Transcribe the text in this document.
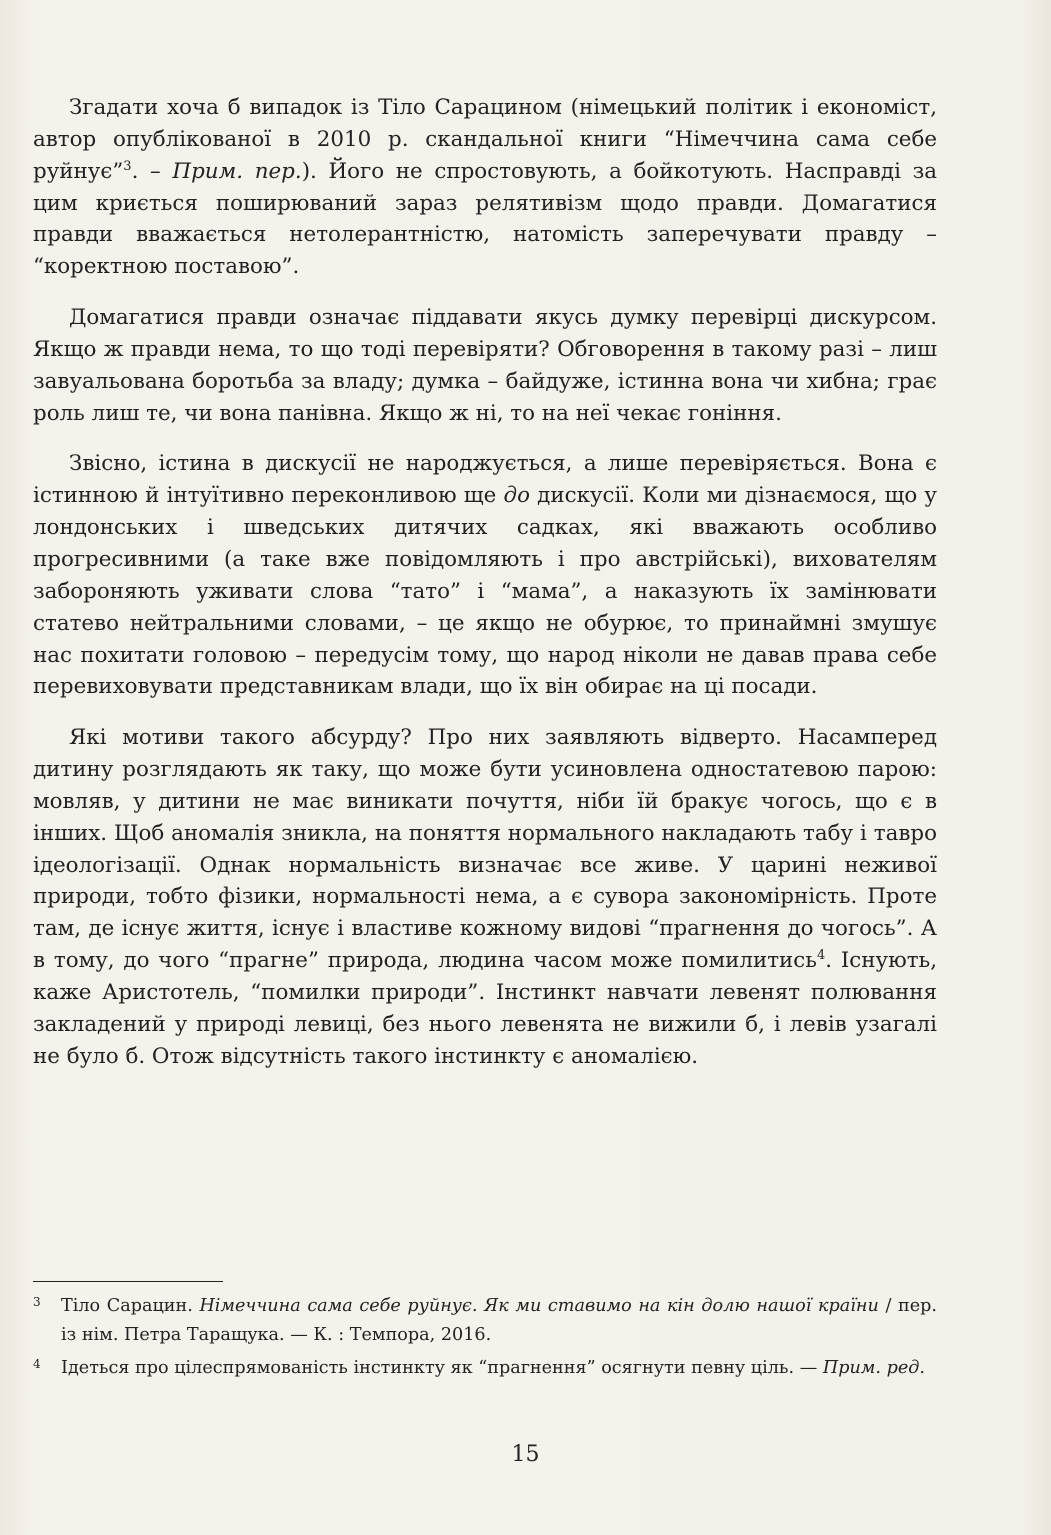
Згадати хоча б випадок із Тіло Сарацином (німецький політик і економіст, автор опублікованої в 2010 р. скандальної книги “Німеччина сама себе руйнує”$^3$. – Прим. пер.). Його не спростовують, а бойкотують. Насправді за цим криється поширюваний зараз релятивізм щодо правди. Домагатися правди вважається нетолерантністю, натомість заперечувати правду – “коректною поставою”.

Домагатися правди означає піддавати якусь думку перевірці дискурсом. Якщо ж правди нема, то що тоді перевіряти? Обговорення в такому разі – лиш завуальована боротьба за владу; думка – байдуже, істинна вона чи хибна; грає роль лиш те, чи вона панівна. Якщо ж ні, то на неї чекає гоніння.

Звісно, істина в дискусії не народжується, а лише перевіряється. Вона є істинною й інтуїтивно переконливою ще до дискусії. Коли ми дізнаємося, що у лондонських і шведських дитячих садках, які вважають особливо прогресивними (а таке вже повідомляють і про австрійські), вихователям забороняють уживати слова “тато” і “мама”, а наказують їх замінювати статево нейтральними словами, – це якщо не обурює, то принаймні змушує нас похитати головою – передусім тому, що народ ніколи не давав права себе перевиховувати представникам влади, що їх він обирає на ці посади.

Які мотиви такого абсурду? Про них заявляють відверто. Насамперед дитину розглядають як таку, що може бути усиновлена одностатевою парою: мовляв, у дитини не має виникати почуття, ніби їй бракує чогось, що є в інших. Щоб аномалія зникла, на поняття нормального накладають табу і тавро ідеологізації. Однак нормальність визначає все живе. У царині неживої природи, тобто фізики, нормальності нема, а є сувора закономірність. Проте там, де існує життя, існує і властиве кожному видові “прагнення до чогось”. А в тому, до чого “прагне” природа, людина часом може помилитись$^4$. Існують, каже Аристотель, “помилки природи”. Інстинкт навчати левенят полювання закладений у природі левиці, без нього левенята не вижили б, і левів узагалі не було б. Отож відсутність такого інстинкту є аномалією.

3 Тіло Сарацин. Німеччина сама себе руйнує. Як ми ставимо на кін долю нашої країни / пер. із нім. Петра Таращука. — К. : Темпора, 2016.
4 Ідеться про цілеспрямованість інстинкту як “прагнення” осягнути певну ціль. — Прим. ред.
15
